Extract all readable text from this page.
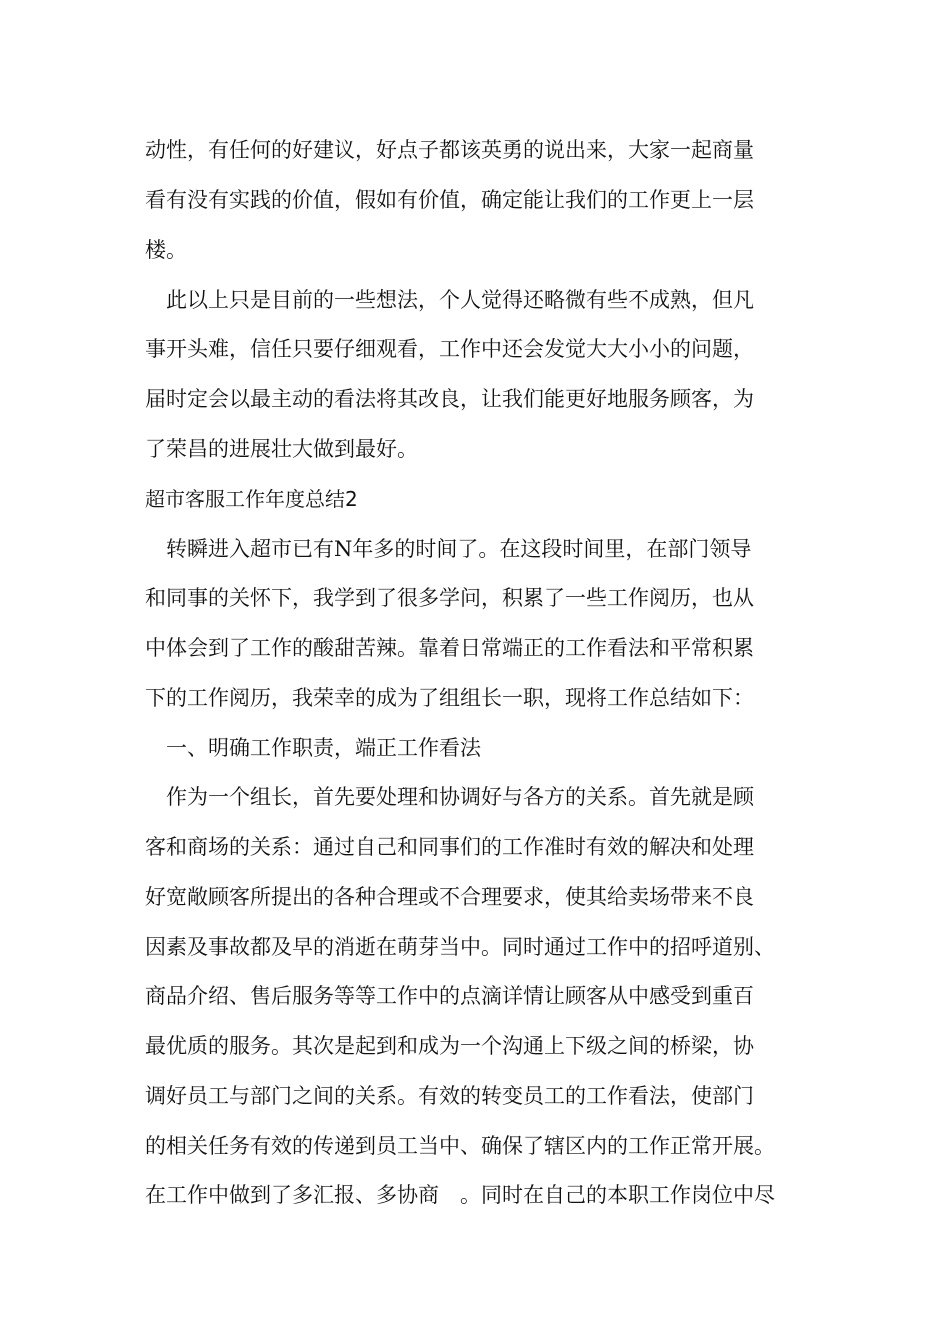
动性，有任何的好建议，好点子都该英勇的说出来，大家一起商量
看有没有实践的价值，假如有价值，确定能让我们的工作更上一层
楼。
　此以上只是目前的一些想法，个人觉得还略微有些不成熟，但凡
事开头难，信任只要仔细观看，工作中还会发觉大大小小的问题，
届时定会以最主动的看法将其改良，让我们能更好地服务顾客，为
了荣昌的进展壮大做到最好。
超市客服工作年度总结2
　转瞬进入超市已有N年多的时间了。在这段时间里，在部门领导
和同事的关怀下，我学到了很多学问，积累了一些工作阅历，也从
中体会到了工作的酸甜苦辣。靠着日常端正的工作看法和平常积累
下的工作阅历，我荣幸的成为了组组长一职，现将工作总结如下：
　一、明确工作职责，端正工作看法
　作为一个组长，首先要处理和协调好与各方的关系。首先就是顾
客和商场的关系：通过自己和同事们的工作准时有效的解决和处理
好宽敞顾客所提出的各种合理或不合理要求，使其给卖场带来不良
因素及事故都及早的消逝在萌芽当中。同时通过工作中的招呼道别、
商品介绍、售后服务等等工作中的点滴详情让顾客从中感受到重百
最优质的服务。其次是起到和成为一个沟通上下级之间的桥梁，协
调好员工与部门之间的关系。有效的转变员工的工作看法，使部门
的相关任务有效的传递到员工当中、确保了辖区内的工作正常开展。
在工作中做到了多汇报、多协商　。同时在自己的本职工作岗位中尽
